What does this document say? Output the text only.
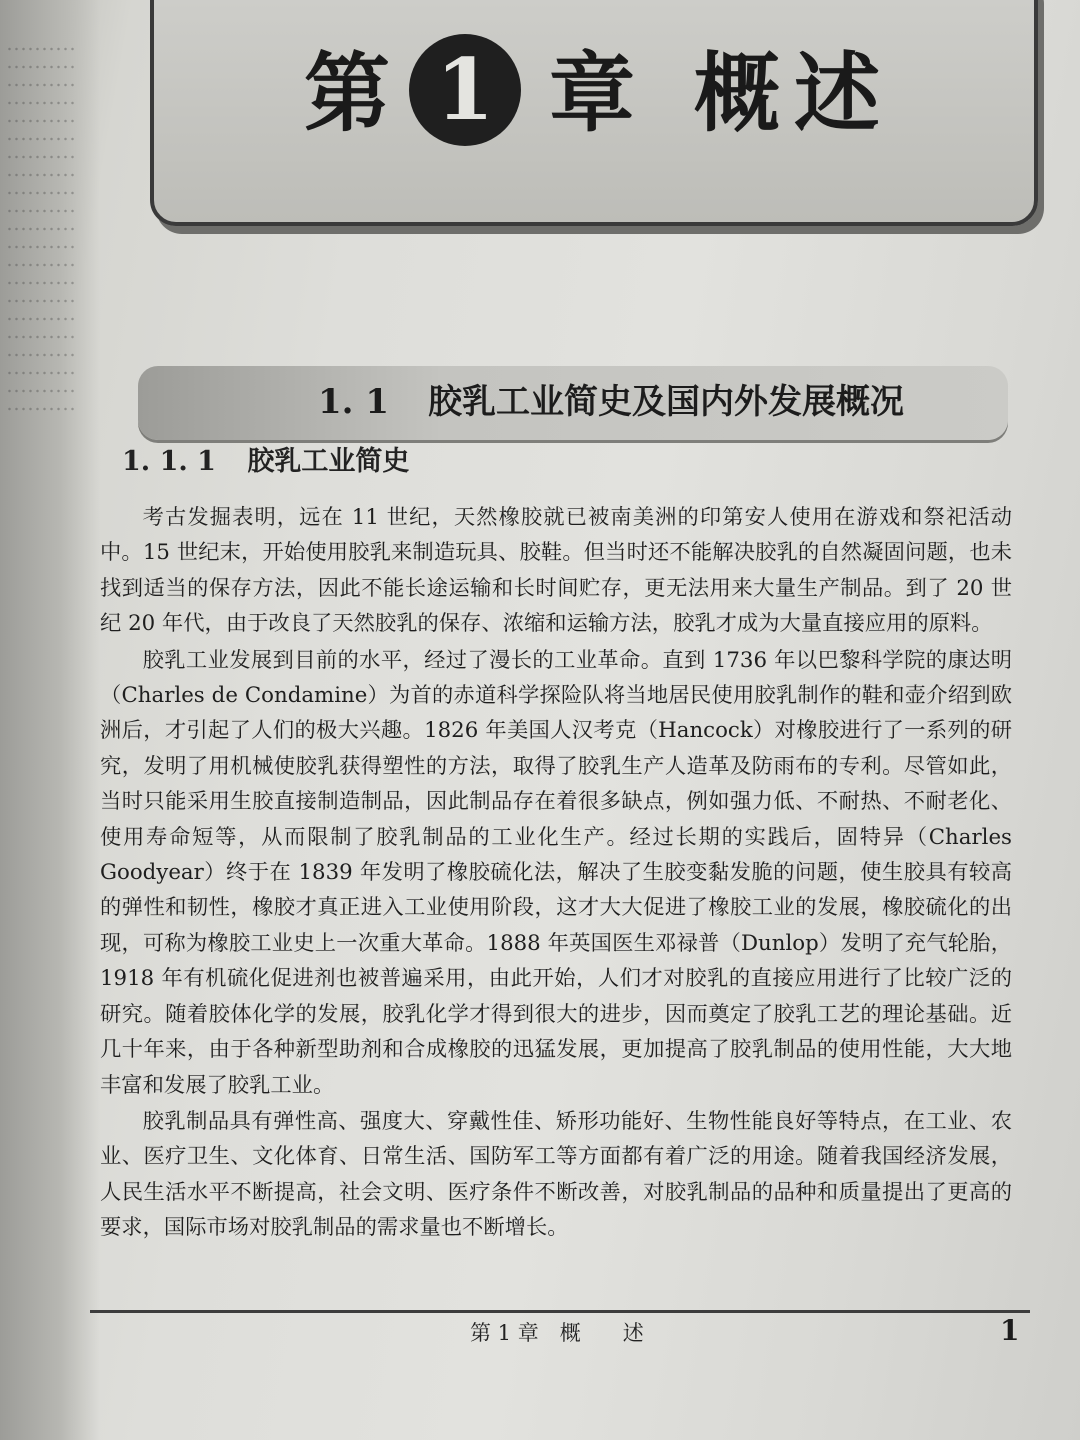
第 1 章 概 述
1. 1 胶乳工业简史及国内外发展概况
1. 1. 1 胶乳工业简史

考古发掘表明，远在 11 世纪，天然橡胶就已被南美洲的印第安人使用在游戏和祭祀活动中。15 世纪末，开始使用胶乳来制造玩具、胶鞋。但当时还不能解决胶乳的自然凝固问题，也未找到适当的保存方法，因此不能长途运输和长时间贮存，更无法用来大量生产制品。到了 20 世纪 20 年代，由于改良了天然胶乳的保存、浓缩和运输方法，胶乳才成为大量直接应用的原料。

胶乳工业发展到目前的水平，经过了漫长的工业革命。直到 1736 年以巴黎科学院的康达明（Charles de Condamine）为首的赤道科学探险队将当地居民使用胶乳制作的鞋和壶介绍到欧洲后，才引起了人们的极大兴趣。1826 年美国人汉考克（Hancock）对橡胶进行了一系列的研究，发明了用机械使胶乳获得塑性的方法，取得了胶乳生产人造革及防雨布的专利。尽管如此，当时只能采用生胶直接制造制品，因此制品存在着很多缺点，例如强力低、不耐热、不耐老化、使用寿命短等，从而限制了胶乳制品的工业化生产。经过长期的实践后，固特异（Charles Goodyear）终于在 1839 年发明了橡胶硫化法，解决了生胶变黏发脆的问题，使生胶具有较高的弹性和韧性，橡胶才真正进入工业使用阶段，这才大大促进了橡胶工业的发展，橡胶硫化的出现，可称为橡胶工业史上一次重大革命。1888 年英国医生邓禄普（Dunlop）发明了充气轮胎，1918 年有机硫化促进剂也被普遍采用，由此开始，人们才对胶乳的直接应用进行了比较广泛的研究。随着胶体化学的发展，胶乳化学才得到很大的进步，因而奠定了胶乳工艺的理论基础。近几十年来，由于各种新型助剂和合成橡胶的迅猛发展，更加提高了胶乳制品的使用性能，大大地丰富和发展了胶乳工业。

胶乳制品具有弹性高、强度大、穿戴性佳、矫形功能好、生物性能良好等特点，在工业、农业、医疗卫生、文化体育、日常生活、国防军工等方面都有着广泛的用途。随着我国经济发展，人民生活水平不断提高，社会文明、医疗条件不断改善，对胶乳制品的品种和质量提出了更高的要求，国际市场对胶乳制品的需求量也不断增长。

第 1 章　概　　述	1
